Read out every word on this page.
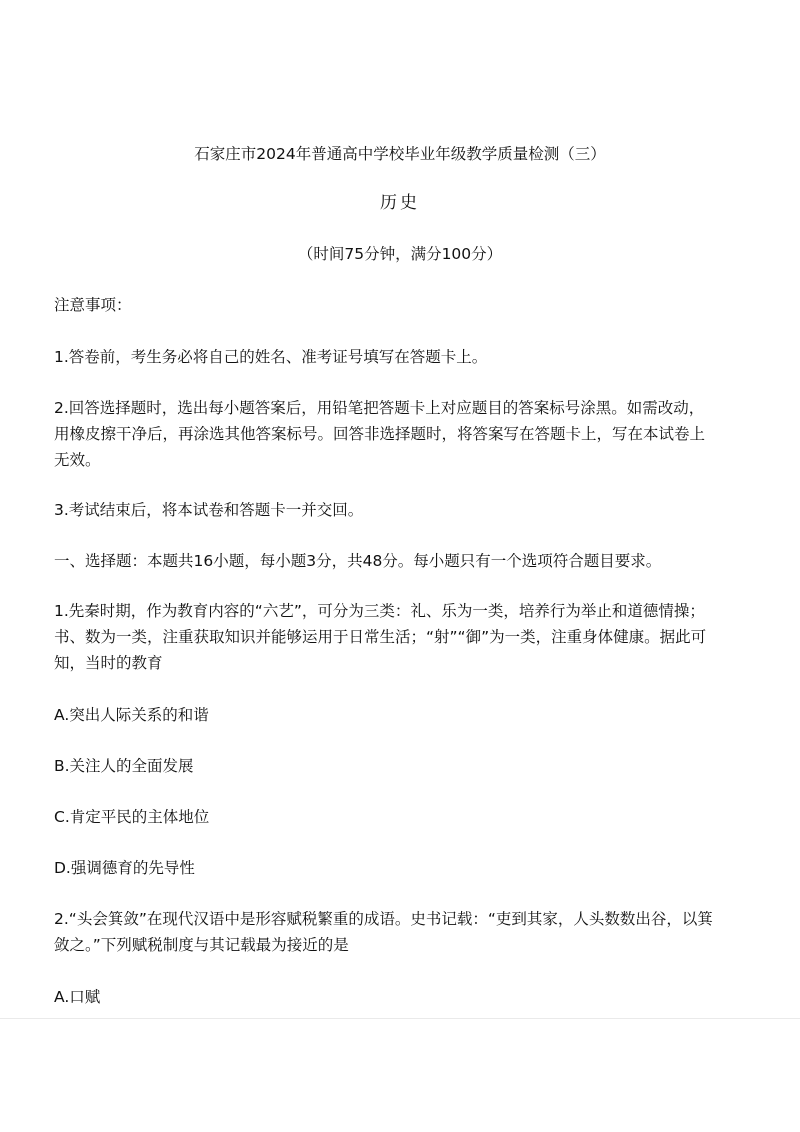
石家庄市2024年普通高中学校毕业年级教学质量检测（三）
历史
（时间75分钟，满分100分）
注意事项：
1.答卷前，考生务必将自己的姓名、准考证号填写在答题卡上。
2.回答选择题时，选出每小题答案后，用铅笔把答题卡上对应题目的答案标号涂黑。如需改动，
用橡皮擦干净后，再涂选其他答案标号。回答非选择题时，将答案写在答题卡上，写在本试卷上
无效。
3.考试结束后，将本试卷和答题卡一并交回。
一、选择题：本题共16小题，每小题3分，共48分。每小题只有一个选项符合题目要求。
1.先秦时期，作为教育内容的“六艺”，可分为三类：礼、乐为一类，培养行为举止和道德情操；
书、数为一类，注重获取知识并能够运用于日常生活；“射”“御”为一类，注重身体健康。据此可
知，当时的教育
A.突出人际关系的和谐
B.关注人的全面发展
C.肯定平民的主体地位
D.强调德育的先导性
2.“头会箕敛”在现代汉语中是形容赋税繁重的成语。史书记载：“吏到其家，人头数数出谷，以箕
敛之。”下列赋税制度与其记载最为接近的是
A.口赋
